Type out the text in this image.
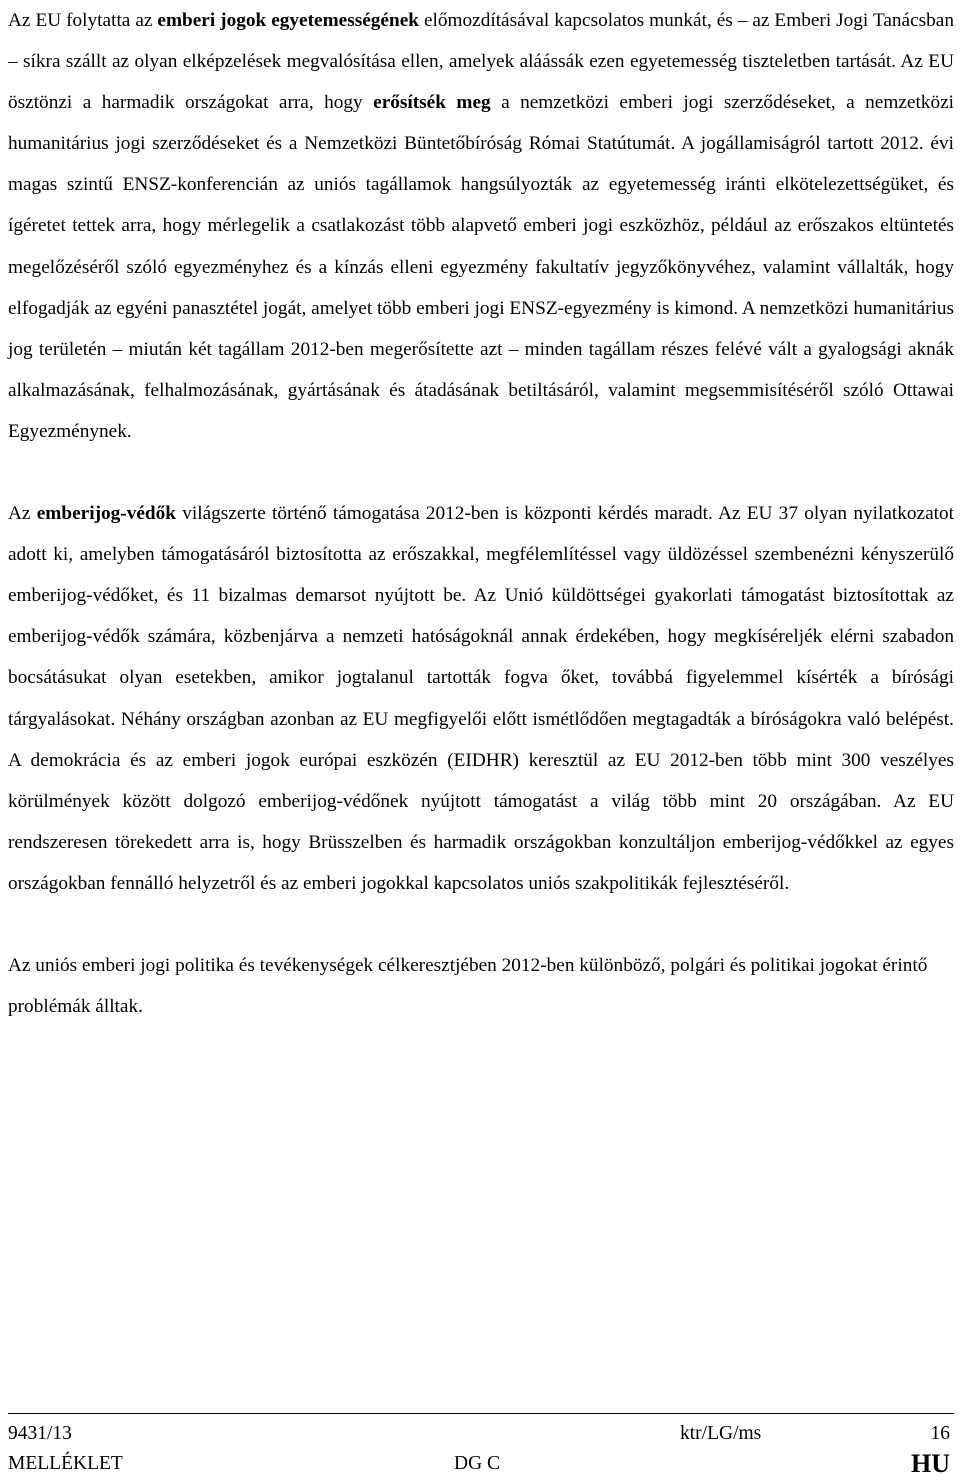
Az EU folytatta az emberi jogok egyetemességének előmozdításával kapcsolatos munkát, és – az Emberi Jogi Tanácsban – síkra szállt az olyan elképzelések megvalósítása ellen, amelyek aláássák ezen egyetemesség tiszteletben tartását. Az EU ösztönzi a harmadik országokat arra, hogy erősítsék meg a nemzetközi emberi jogi szerződéseket, a nemzetközi humanitárius jogi szerződéseket és a Nemzetközi Büntetőbíróság Római Statútumát. A jogállamiságról tartott 2012. évi magas szintű ENSZ-konferencián az uniós tagállamok hangsúlyozták az egyetemesség iránti elkötelezettségüket, és ígéretet tettek arra, hogy mérlegelik a csatlakozást több alapvető emberi jogi eszközhöz, például az erőszakos eltüntetés megelőzéséről szóló egyezményhez és a kínzás elleni egyezmény fakultatív jegyzőkönyvéhez, valamint vállalták, hogy elfogadják az egyéni panasztétel jogát, amelyet több emberi jogi ENSZ-egyezmény is kimond. A nemzetközi humanitárius jog területén – miután két tagállam 2012-ben megerősítette azt – minden tagállam részes felévé vált a gyalogsági aknák alkalmazásának, felhalmozásának, gyártásának és átadásának betiltásáról, valamint megsemmisítéséről szóló Ottawai Egyezménynek.

Az emberijog-védők világszerte történő támogatása 2012-ben is központi kérdés maradt. Az EU 37 olyan nyilatkozatot adott ki, amelyben támogatásáról biztosította az erőszakkal, megfélemlítéssel vagy üldözéssel szembenézni kényszerülő emberijog-védőket, és 11 bizalmas demarsot nyújtott be. Az Unió küldöttségei gyakorlati támogatást biztosítottak az emberijog-védők számára, közbenjárva a nemzeti hatóságoknál annak érdekében, hogy megkíséreljék elérni szabadon bocsátásukat olyan esetekben, amikor jogtalanul tartották fogva őket, továbbá figyelemmel kísérték a bírósági tárgyalásokat. Néhány országban azonban az EU megfigyelői előtt ismétlődően megtagadták a bíróságokra való belépést. A demokrácia és az emberi jogok európai eszközén (EIDHR) keresztül az EU 2012-ben több mint 300 veszélyes körülmények között dolgozó emberijog-védőnek nyújtott támogatást a világ több mint 20 országában. Az EU rendszeresen törekedett arra is, hogy Brüsszelben és harmadik országokban konzultáljon emberijog-védőkkel az egyes országokban fennálló helyzetről és az emberi jogokkal kapcsolatos uniós szakpolitikák fejlesztéséről.

Az uniós emberi jogi politika és tevékenységek célkeresztjében 2012-ben különböző, polgári és politikai jogokat érintő problémák álltak.

9431/13	ktr/LG/ms	16
MELLÉKLET	DG C	HU
